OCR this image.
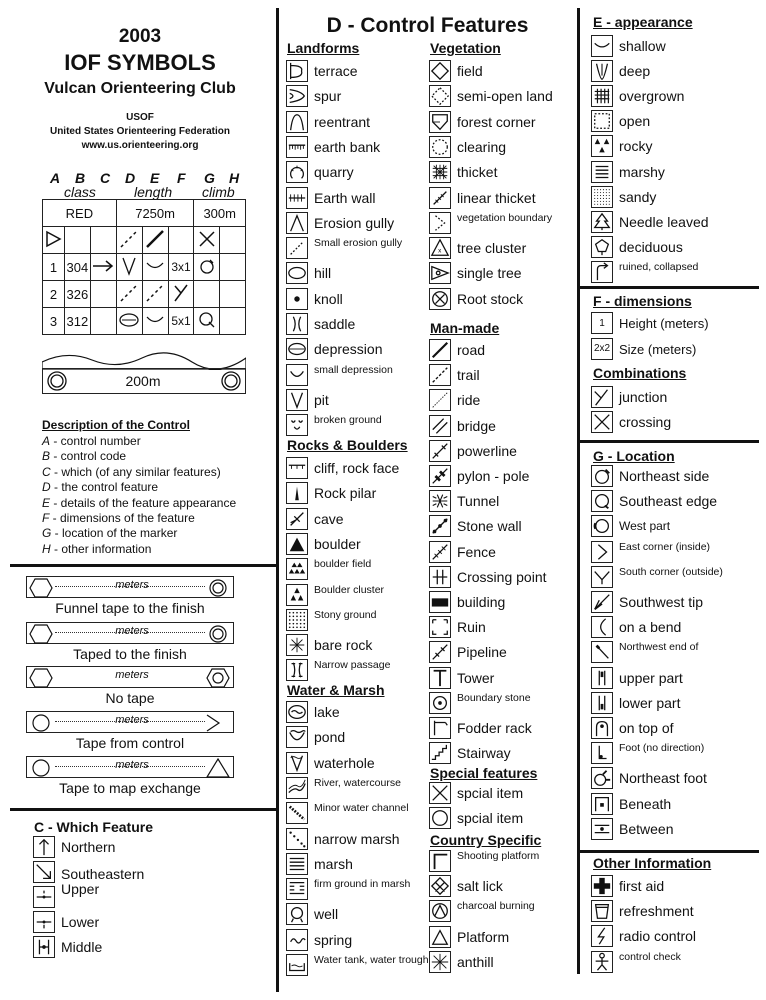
2003
IOF SYMBOLS
Vulcan Orienteering Club
USOF
United States Orienteering Federation
www.us.orienteering.org
A B C D E F G H
class	length climb
RED			7250m			300m	

1	304				3x1		
2	326						
3	312				5x1		
200m
Description of the Control
A - control number
B - control code
C - which (of any similar features)
D - the control feature
E - details of the feature appearance
F - dimensions of the feature
G - location of the marker
H - other information
meters
Funnel tape to the finish
meters
Taped to the finish
meters
No tape
meters
Tape from control
meters
Tape to map exchange
C - Which Feature
Northern
Southeastern
Upper
Lower
Middle
D - Control Features
Landforms
terrace
spur
reentrant
earth bank
quarry
Earth wall
Erosion gully
Small erosion gully
hill
knoll
saddle
depression
small depression
pit
broken ground
Rocks & Boulders
cliff, rock face
Rock pilar
cave
boulder
boulder field
Boulder cluster
Stony ground
bare rock
Narrow passage
Water & Marsh
lake
pond
waterhole
River, watercourse
Minor water channel
narrow marsh
marsh
firm ground in marsh
well
spring
Water tank, water trough
Vegetation
field
semi-open land
forest corner
clearing
thicket
linear thicket
vegetation boundary
x tree cluster
single tree
Root stock
Man-made
road
trail
ride
bridge
powerline
pylon - pole
Tunnel
Stone wall
Fence
Crossing point
building
Ruin
Pipeline
Tower
Boundary stone
Fodder rack
Stairway
Special features
spcial item
spcial item
Country Specific
Shooting platform
salt lick
charcoal burning
Platform
anthill
E - appearance
shallow
deep
overgrown
open
rocky
marshy
sandy
Needle leaved
deciduous
ruined, collapsed
F - dimensions
1	Height (meters)
2x2 Size (meters)
Combinations
junction
crossing
G - Location
Northeast side
Southeast edge
West part
East corner (inside)
South corner (outside)
Southwest tip
on a bend
Northwest end of
upper part
lower part
on top of
Foot (no direction)
Northeast foot
Beneath
Between
Other Information
first aid
refreshment
radio control
control check
